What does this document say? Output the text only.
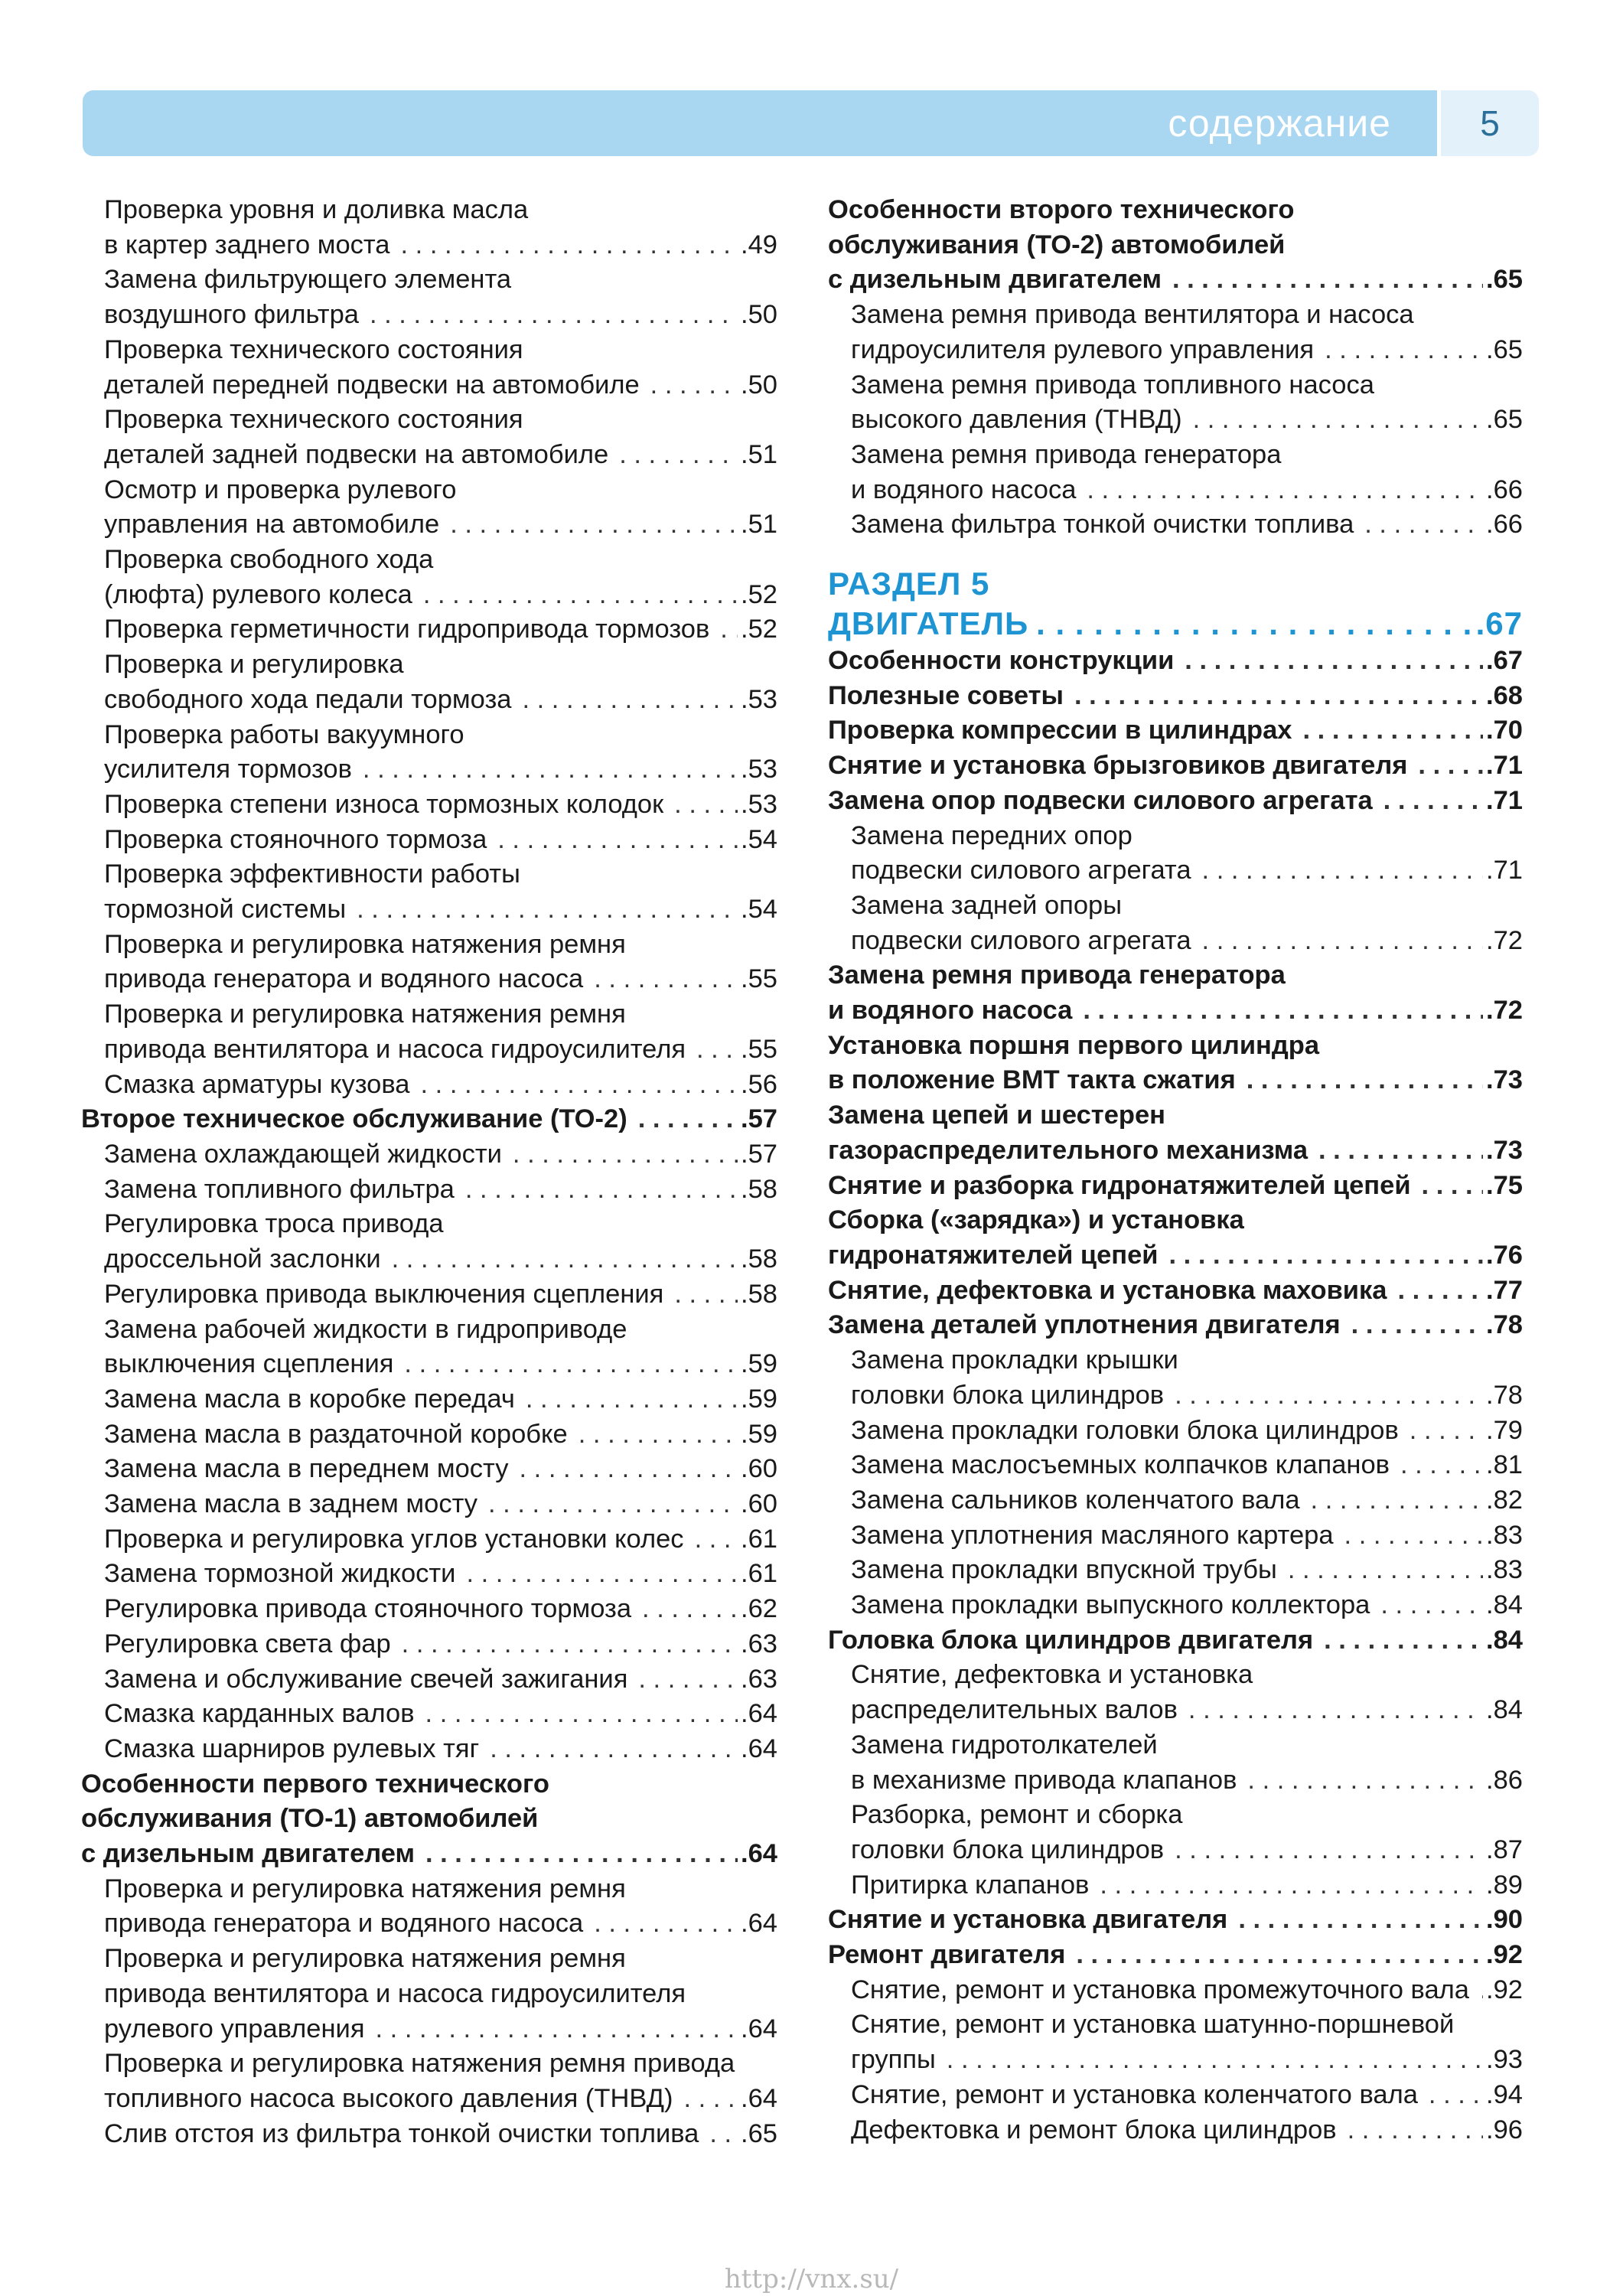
содержание	5
Проверка уровня и доливка масла
в картер заднего моста . . .	.49
Замена фильтрующего элемента
воздушного фильтра . . .	.50
Проверка технического состояния
деталей передней подвески на автомобиле . . .	.50
Проверка технического состояния
деталей задней подвески на автомобиле . . .	.51
Осмотр и проверка рулевого
управления на автомобиле . . .	.51
Проверка свободного хода
(люфта) рулевого колеса . . .	.52
Проверка герметичности гидропривода тормозов . . . .52
Проверка и регулировка
свободного хода педали тормоза . . .	.53
Проверка работы вакуумного
усилителя тормозов . . .	.53
Проверка степени износа тормозных колодок . . .	.53
Проверка стояночного тормоза . . .	.54
Проверка эффективности работы
тормозной системы . . .	.54
Проверка и регулировка натяжения ремня
привода генератора и водяного насоса . . .	.55
Проверка и регулировка натяжения ремня
привода вентилятора и насоса гидроусилителя . . . .55
Смазка арматуры кузова . . .	.56
Второе техническое обслуживание (ТО-2) . . .	.57
Замена охлаждающей жидкости . . .	.57
Замена топливного фильтра . . .	.58
Регулировка троса привода
дроссельной заслонки . . .	.58
Регулировка привода выключения сцепления . . .	.58
Замена рабочей жидкости в гидроприводе
выключения сцепления . . .	.59
Замена масла в коробке передач . . .	.59
Замена масла в раздаточной коробке . . .	.59
Замена масла в переднем мосту . . .	.60
Замена масла в заднем мосту . . .	.60
Проверка и регулировка углов установки колес . . . .61
Замена тормозной жидкости . . .	.61
Регулировка привода стояночного тормоза . . .	.62
Регулировка света фар . . .	.63
Замена и обслуживание свечей зажигания . . .	.63
Смазка карданных валов . . .	.64
Смазка шарниров рулевых тяг . . .	.64
Особенности первого технического
обслуживания (ТО-1) автомобилей
с дизельным двигателем . . .	.64
Проверка и регулировка натяжения ремня
привода генератора и водяного насоса . . .	.64
Проверка и регулировка натяжения ремня
привода вентилятора и насоса гидроусилителя
рулевого управления . . .	.64
Проверка и регулировка натяжения ремня привода
топливного насоса высокого давления (ТНВД) . . .	.64
Слив отстоя из фильтра тонкой очистки топлива . . . .65
Особенности второго технического
обслуживания (ТО-2) автомобилей
с дизельным двигателем . . .	.65
Замена ремня привода вентилятора и насоса
гидроусилителя рулевого управления . . .	.65
Замена ремня привода топливного насоса
высокого давления (ТНВД) . . .	.65
Замена ремня привода генератора
и водяного насоса . . .	.66
Замена фильтра тонкой очистки топлива . . .	.66
РАЗДЕЛ 5
ДВИГАТЕЛЬ . . .	.67
Особенности конструкции . . .	.67
Полезные советы . . .	.68
Проверка компрессии в цилиндрах . . .	.70
Снятие и установка брызговиков двигателя . . .	.71
Замена опор подвески силового агрегата . . .	.71
Замена передних опор
подвески силового агрегата . . .	.71
Замена задней опоры
подвески силового агрегата . . .	.72
Замена ремня привода генератора
и водяного насоса . . .	.72
Установка поршня первого цилиндра
в положение ВМТ такта сжатия . . .	.73
Замена цепей и шестерен
газораспределительного механизма . . .	.73
Снятие и разборка гидронатяжителей цепей . . .	.75
Сборка («зарядка») и установка
гидронатяжителей цепей . . .	.76
Снятие, дефектовка и установка маховика . . .	.77
Замена деталей уплотнения двигателя . . .	.78
Замена прокладки крышки
головки блока цилиндров . . .	.78
Замена прокладки головки блока цилиндров . . .	.79
Замена маслосъемных колпачков клапанов . . .	.81
Замена сальников коленчатого вала . . .	.82
Замена уплотнения масляного картера . . .	.83
Замена прокладки впускной трубы . . .	.83
Замена прокладки выпускного коллектора . . .	.84
Головка блока цилиндров двигателя . . .	.84
Снятие, дефектовка и установка
распределительных валов . . .	.84
Замена гидротолкателей
в механизме привода клапанов . . .	.86
Разборка, ремонт и сборка
головки блока цилиндров . . .	.87
Притирка клапанов . . .	.89
Снятие и установка двигателя . . .	.90
Ремонт двигателя . . .	.92
Снятие, ремонт и установка промежуточного вала . . . .92
Снятие, ремонт и установка шатунно-поршневой
группы . . .	.93
Снятие, ремонт и установка коленчатого вала . . .	.94
Дефектовка и ремонт блока цилиндров . . .	.96
http://vnx.su/
